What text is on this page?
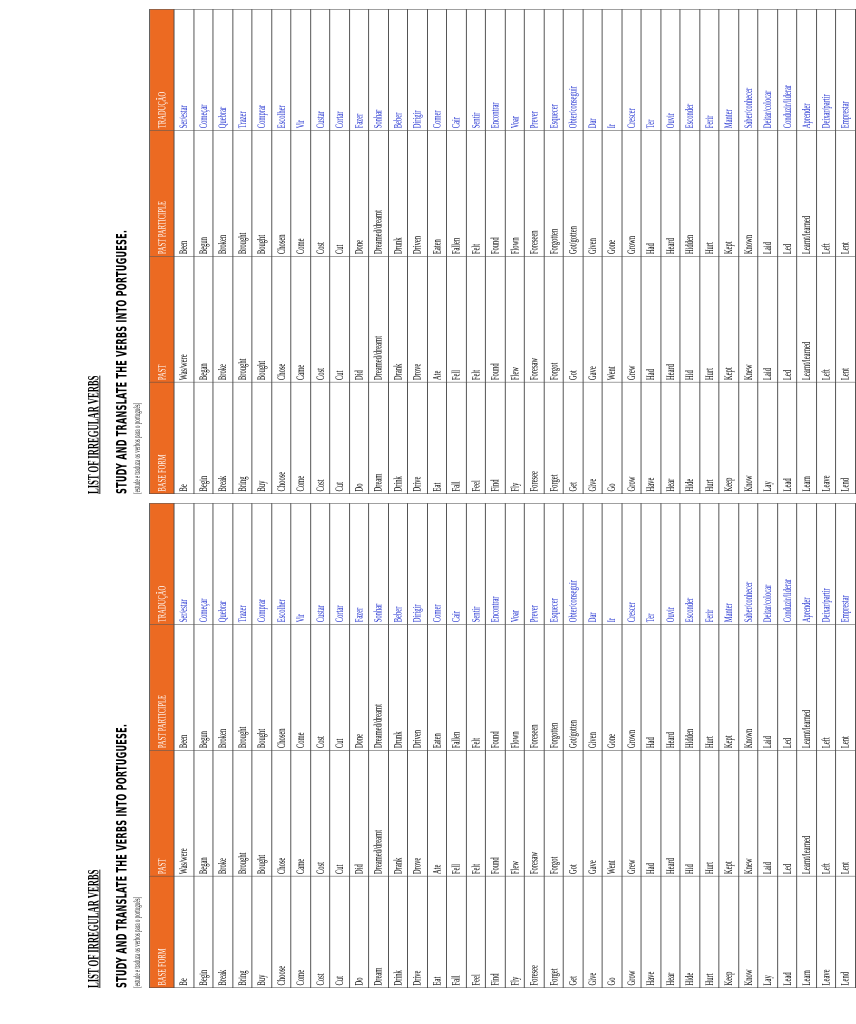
LIST OF IRREGULAR VERBS STUDY AND TRANSLATE THE VERBS INTO PORTUGUESE. [estude e traduza os verbos para o português] BASE FORM	PAST	PAST PARTICIPLE	TRADUÇÃO
Be	Was/were	Been	Ser/estar
Begin	Began	Begun	Começar
Break	Broke	Broken	Quebrar
Bring	Brought	Brought	Trazer
Buy	Bought	Bought	Comprar
Choose	Chose	Chosen	Escolher
Come	Came	Come	Vir
Cost	Cost	Cost	Custar
Cut	Cut	Cut	Cortar
Do	Did	Done	Fazer
Dream	Dreamed/dreamt	Dreamed/dreamt	Sonhar
Drink	Drank	Drunk	Beber
Drive	Drove	Driven	Dirigir
Eat	Ate	Eaten	Comer
Fall	Fell	Fallen	Cair
Feel	Felt	Felt	Sentir
Find	Found	Found	Encontrar
Fly	Flew	Flown	Voar
Foresee	Foresaw	Foreseen	Prever
Forget	Forgot	Forgotten	Esquecer
Get	Got	Got/gotten	Obter/conseguir
Give	Gave	Given	Dar
Go	Went	Gone	Ir
Grow	Grew	Grown	Crescer
Have	Had	Had	Ter
Hear	Heard	Heard	Ouvir
Hide	Hid	Hidden	Esconder
Hurt	Hurt	Hurt	Ferir
Keep	Kept	Kept	Manter
Know	Knew	Known	Saber/conhecer
Lay	Laid	Laid	Deitar/colocar
Lead	Led	Led	Conduzir/liderar
Learn	Learnt/learned	Learnt/learned	Aprender
Leave	Left	Left	Deixar/partir
Lend	Lent	Lent	Emprestar
LIST OF IRREGULAR VERBS STUDY AND TRANSLATE THE VERBS INTO PORTUGUESE. [estude e traduza os verbos para o português] BASE FORM	PAST	PAST PARTICIPLE	TRADUÇÃO
Be	Was/were	Been	Ser/estar
Begin	Began	Begun	Começar
Break	Broke	Broken	Quebrar
Bring	Brought	Brought	Trazer
Buy	Bought	Bought	Comprar
Choose	Chose	Chosen	Escolher
Come	Came	Come	Vir
Cost	Cost	Cost	Custar
Cut	Cut	Cut	Cortar
Do	Did	Done	Fazer
Dream	Dreamed/dreamt	Dreamed/dreamt	Sonhar
Drink	Drank	Drunk	Beber
Drive	Drove	Driven	Dirigir
Eat	Ate	Eaten	Comer
Fall	Fell	Fallen	Cair
Feel	Felt	Felt	Sentir
Find	Found	Found	Encontrar
Fly	Flew	Flown	Voar
Foresee	Foresaw	Foreseen	Prever
Forget	Forgot	Forgotten	Esquecer
Get	Got	Got/gotten	Obter/conseguir
Give	Gave	Given	Dar
Go	Went	Gone	Ir
Grow	Grew	Grown	Crescer
Have	Had	Had	Ter
Hear	Heard	Heard	Ouvir
Hide	Hid	Hidden	Esconder
Hurt	Hurt	Hurt	Ferir
Keep	Kept	Kept	Manter
Know	Knew	Known	Saber/conhecer
Lay	Laid	Laid	Deitar/colocar
Lead	Led	Led	Conduzir/liderar
Learn	Learnt/learned	Learnt/learned	Aprender
Leave	Left	Left	Deixar/partir
Lend	Lent	Lent	Emprestar
